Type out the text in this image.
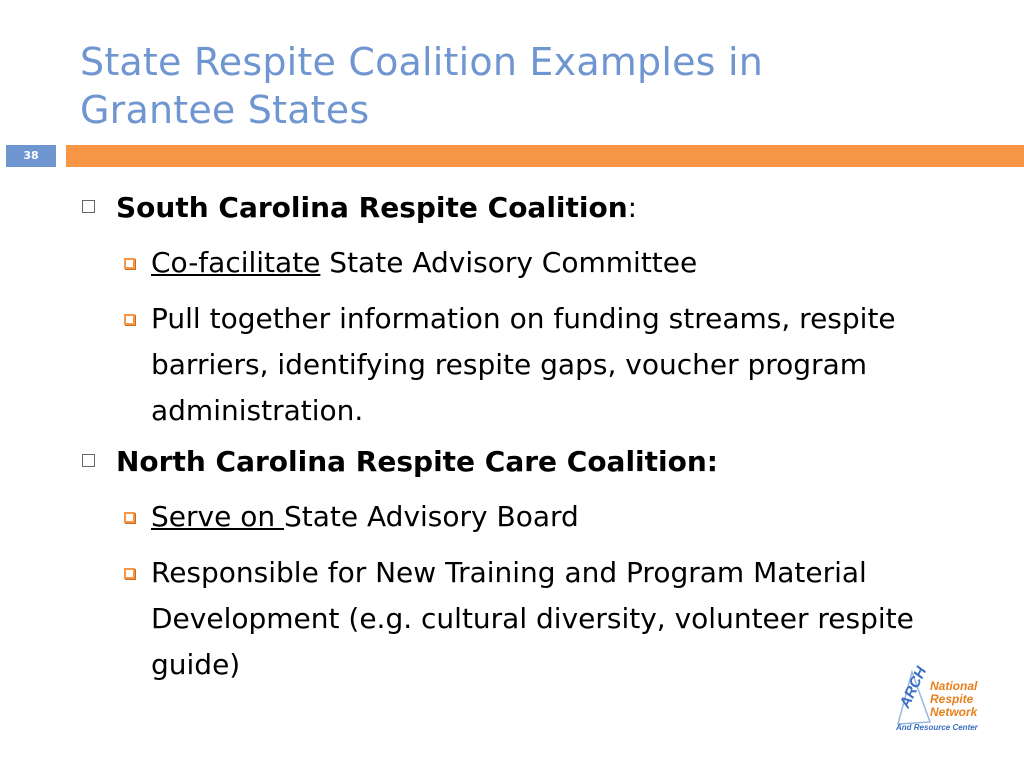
State Respite Coalition Examples in
Grantee States
38
South Carolina Respite Coalition:
Co-facilitate State Advisory Committee
Pull together information on funding streams, respite barriers, identifying respite gaps, voucher program administration.
North Carolina Respite Care Coalition:
Serve on State Advisory Board
Responsible for New Training and Program Material Development (e.g. cultural diversity, volunteer respite guide)	ARCH National
Respite
Network
And Resource Center
